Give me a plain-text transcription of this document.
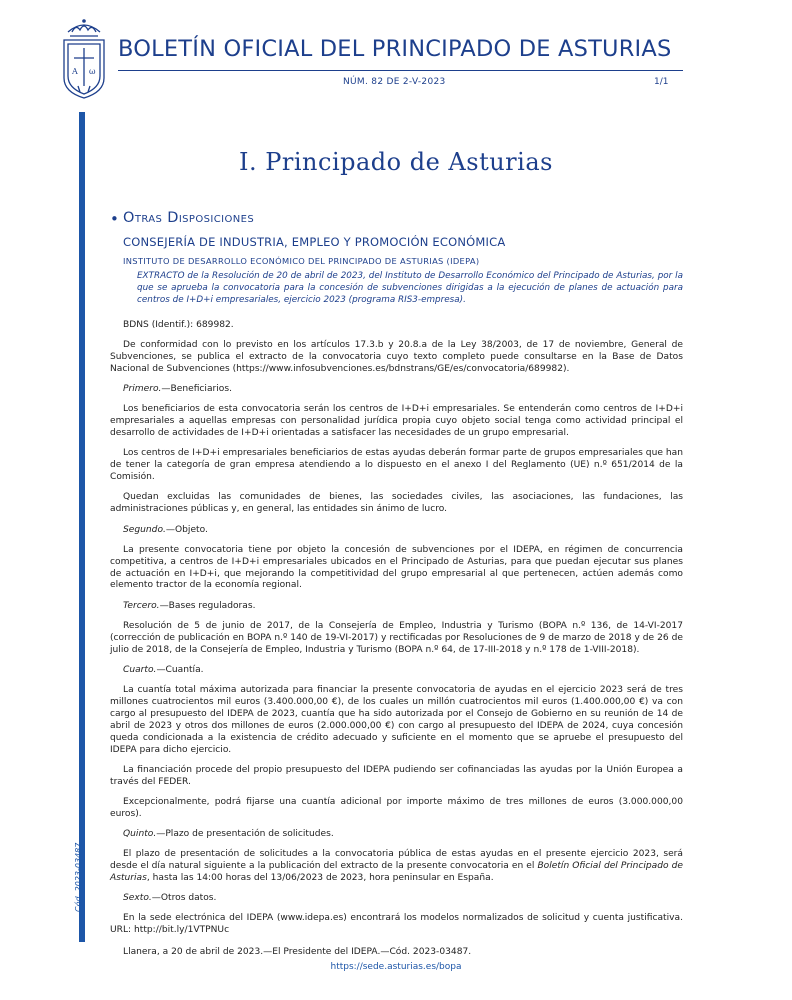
A ω
BOLETÍN OFICIAL DEL PRINCIPADO DE ASTURIAS
NÚM. 82 DE 2-V-2023	1/1
Cód. 2023-03487
I. Principado de Asturias
• Otras Disposiciones
CONSEJERÍA DE INDUSTRIA, EMPLEO Y PROMOCIÓN ECONÓMICA
INSTITUTO DE DESARROLLO ECONÓMICO DEL PRINCIPADO DE ASTURIAS (IDEPA)
EXTRACTO de la Resolución de 20 de abril de 2023, del Instituto de Desarrollo Económico del Principado de Asturias, por la que se aprueba la convocatoria para la concesión de subvenciones dirigidas a la ejecución de planes de actuación para centros de I+D+i empresariales, ejercicio 2023 (programa RIS3-empresa).

BDNS (Identif.): 689982.

De conformidad con lo previsto en los artículos 17.3.b y 20.8.a de la Ley 38/2003, de 17 de noviembre, General de Subvenciones, se publica el extracto de la convocatoria cuyo texto completo puede consultarse en la Base de Datos Nacional de Subvenciones (https://www.infosubvenciones.es/bdnstrans/GE/es/convocatoria/689982).

Primero.—Beneficiarios.

Los beneficiarios de esta convocatoria serán los centros de I+D+i empresariales. Se entenderán como centros de I+D+i empresariales a aquellas empresas con personalidad jurídica propia cuyo objeto social tenga como actividad principal el desarrollo de actividades de I+D+i orientadas a satisfacer las necesidades de un grupo empresarial.

Los centros de I+D+i empresariales beneficiarios de estas ayudas deberán formar parte de grupos empresariales que han de tener la categoría de gran empresa atendiendo a lo dispuesto en el anexo I del Reglamento (UE) n.º 651/2014 de la Comisión.

Quedan excluidas las comunidades de bienes, las sociedades civiles, las asociaciones, las fundaciones, las administraciones públicas y, en general, las entidades sin ánimo de lucro.

Segundo.—Objeto.

La presente convocatoria tiene por objeto la concesión de subvenciones por el IDEPA, en régimen de concurrencia competitiva, a centros de I+D+i empresariales ubicados en el Principado de Asturias, para que puedan ejecutar sus planes de actuación en I+D+i, que mejorando la competitividad del grupo empresarial al que pertenecen, actúen además como elemento tractor de la economía regional.

Tercero.—Bases reguladoras.

Resolución de 5 de junio de 2017, de la Consejería de Empleo, Industria y Turismo (BOPA n.º 136, de 14-VI-2017 (corrección de publicación en BOPA n.º 140 de 19-VI-2017) y rectificadas por Resoluciones de 9 de marzo de 2018 y de 26 de julio de 2018, de la Consejería de Empleo, Industria y Turismo (BOPA n.º 64, de 17-III-2018 y n.º 178 de 1-VIII-2018).

Cuarto.—Cuantía.

La cuantía total máxima autorizada para financiar la presente convocatoria de ayudas en el ejercicio 2023 será de tres millones cuatrocientos mil euros (3.400.000,00 €), de los cuales un millón cuatrocientos mil euros (1.400.000,00 €) va con cargo al presupuesto del IDEPA de 2023, cuantía que ha sido autorizada por el Consejo de Gobierno en su reunión de 14 de abril de 2023 y otros dos millones de euros (2.000.000,00 €) con cargo al presupuesto del IDEPA de 2024, cuya concesión queda condicionada a la existencia de crédito adecuado y suficiente en el momento que se apruebe el presupuesto del IDEPA para dicho ejercicio.

La financiación procede del propio presupuesto del IDEPA pudiendo ser cofinanciadas las ayudas por la Unión Europea a través del FEDER.

Excepcionalmente, podrá fijarse una cuantía adicional por importe máximo de tres millones de euros (3.000.000,00 euros).

Quinto.—Plazo de presentación de solicitudes.

El plazo de presentación de solicitudes a la convocatoria pública de estas ayudas en el presente ejercicio 2023, será desde el día natural siguiente a la publicación del extracto de la presente convocatoria en el Boletín Oficial del Principado de Asturias, hasta las 14:00 horas del 13/06/2023 de 2023, hora peninsular en España.

Sexto.—Otros datos.

En la sede electrónica del IDEPA (www.idepa.es) encontrará los modelos normalizados de solicitud y cuenta justificativa. URL: http://bit.ly/1VTPNUc

Llanera, a 20 de abril de 2023.—El Presidente del IDEPA.—Cód. 2023-03487.

https://sede.asturias.es/bopa
